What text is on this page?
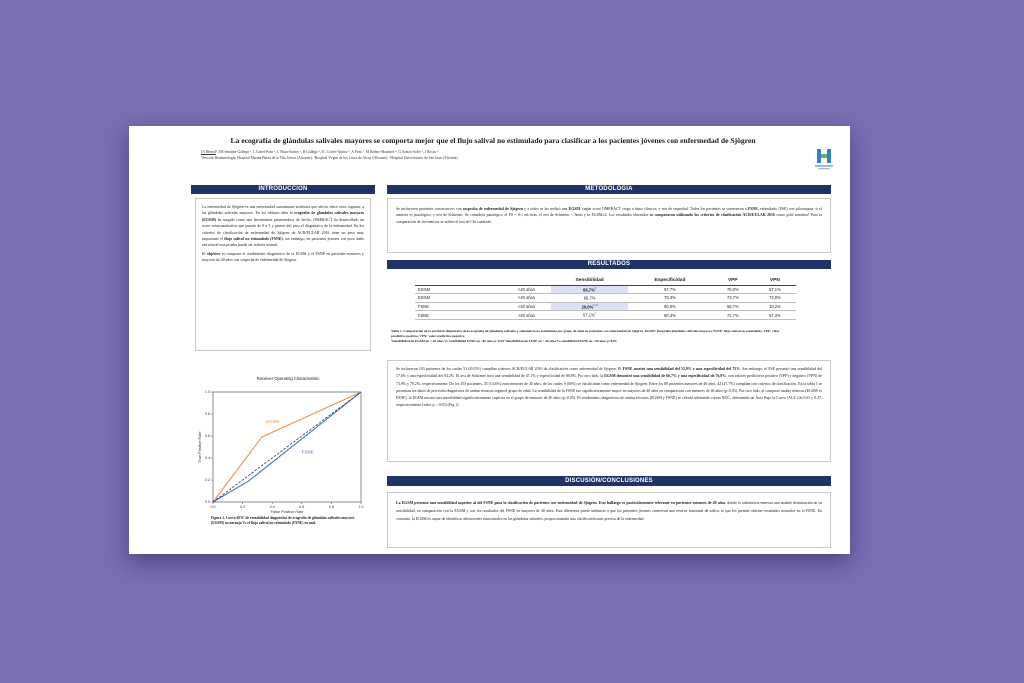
La ecografía de glándulas salivales mayores se comporta mejor que el flujo salival no estimulado para clasificar a los pacientes jóvenes con enfermedad de Sjögren
JA Hernal¹, JM Senabre-Gallego ¹, L Canet-Pons ¹, C Raya-Santos ¹, R Gallego ¹, JC Cortés-Quiroz ², A Pons ³, M Ibáñez-Martínez ⁴, G Santos-Soler ¹, J Rosas ¹
¹Sección Reumatología, Hospital Marina Baixa de la Vila Joiosa (Alicante). ²Hospital Virgen de los Lirios de Alcoy (Alicante). ³Hospital Universitario de San Juan (Alicante)
INTRODUCCIÓN

La enfermedad de Sjögren es una enfermedad autoinmune sistémica que afecta, entre otros órganos, a las glándulas salivales mayores. En los últimos años la ecografía de glándulas salivales mayores (EGSM) ha surgido como una herramienta prometedora, de hecho, OMERACT ha desarrollado un score semicuantitativo que puntúa de 0 a 3 y parece útil para el diagnóstico de la enfermedad. En los criterios de clasificación de enfermedad de Sjögren de ACR/EULAR 2016 tiene un peso muy importante el flujo salival no estimulado (FSNE), sin embargo, en pacientes jóvenes con poco daño estructural esta prueba puede ser todavía normal.

El objetivo es comparar el rendimiento diagnóstico de la EGSM y el FSNE en pacientes menores y mayores de 40 años con sospecha de enfermedad de Sjögren.

Receiver Operating Characteristic
0.0	0.2	0.4	0.6	0.8	1.0
0.0
0.2
0.4
0.6
0.8
1.0
False Positive Rate
True Positive Rate
EGSM
FSNE
Figura 1. Curva ROC de rentabilidad diagnóstica de ecografía de glándulas salivales mayores (EGSM) en naranja Vs el flujo salival no estimulado (FSNE) en azul.
METODOLOGÍA

Se incluyeron pacientes consecutivos con sospecha de enfermedad de Sjögren y a todos se les realizó una EGSM, según score OMERACT ciego a datos clínicos, y test de sequedad. Todos los pacientes se sometieron a FSNE, estimulado (FSE) con pilocarpina, si el anterior es patológico, y test de Schirmer. Se consideró patológico el FS < 0,1 ml./min, el test de Schirmer < 5mm y la EGSM≥2. Los resultados obtenidos se compararon utilizando los criterios de clasificación ACR/EULAR 2016 como gold standard. Para la comparación de frecuencias se utilizó el test de Chi cuadrado.

RESULTADOS
		Sensibilidad	Especificidad	VPP	VPN
EGSM	<40 años	66,7%$^1$	67,7%	75,0%	57,1%
EGSM	>40 años	66,7%	78,3%	73,7%	72,0%
FSNE	<40 años	20,0%$^{1, 2}$	80,0%	66,7%	33,2%
FSNE	>40 años	57,1%$^2$	80,4%	72,7%	67,3%
Tabla 1. Comparación de la precisión diagnóstica de la ecografía de glándulas salivales y sialometría no estimulada por grupo de edad en pacientes con enfermedad de Sjögren. EGSM: Ecografía glándulas salivales mayores, FSNE: flujo salival no estimulado, VPP: valor predictivo positivo, VPN: valor predictivo negativo
¹Sensibilidad de EGSM en < 40 años Vs sensibilidad FSNE en <40 años p<0,05 ²Sensibilidad de FSNE en < 40 años Vs sensibilidad FSNE en >40 años p<0,05

Se incluyeron 103 pacientes de los cuales 51 (49,5%) cumplían criterios ACR/EULAR 2016 de clasificación como enfermedad de Sjögren. El FSNE mostró una sensibilidad del 52,9% y una especificidad del 75%. Sin embargo, el FSE presentó una sensibilidad del 17,6% y una especificidad del 94,2%. El test de Schirmer tuvo una sensibilidad de 47,1% y especificidad de 80,8%. Por otro lado, la EGSM demostró una sensibilidad de 66,7% y una especificidad de 76,9%, con valores predictivos positivo (VPP) y negativo (VPN) de 73,9% y 70,2%, respectivamente. De los 103 pacientes, 35 (14,6%) eran menores de 40 años, de los cuales 9 (60%) se clasificaban como enfermedad de Sjögren. Entre los 88 pacientes mayores de 40 años, 42 (47,7%) cumplían con criterios de clasificación. En la tabla 1 se presentan los datos de precisión diagnóstica de ambas técnicas según el grupo de edad. La sensibilidad de la FSNE fue significativamente mayor en mayores de 40 años en comparación con menores de 40 años (p<0,05). Por otro lado, al comparar ambas técnicas (EGSM vs FSNF), la EGSM mostró una sensibilidad significativamente superior en el grupo de menores de 40 años (p<0,05). El rendimiento diagnóstico de ambas técnicas (EGSM y FSNE) se calculó utilizando curvas ROC, obteniendo un Área Bajo la Curva (AUC) de 0.63 y 0.47, respectivamente (valor p < 0.05) (Fig.1).

DISCUSIÓN/CONCLUSIONES

La EGSM presenta una sensibilidad superior al del FSNE para la clasificación de pacientes con enfermedad de Sjögren. Este hallazgo es particularmente relevante en pacientes menores de 40 años, donde la sialometría muestra una notable disminución en su sensibilidad, en comparación con la EGSM y con los resultados del FSNE en mayores de 40 años. Esta diferencia puede atribuirse a que los pacientes jóvenes conservan una reserva funcional de saliva, lo que les permite obtener resultados normales en el FSNE. En contraste, la EGSM es capaz de identificar alteraciones estructurales en las glándulas salivales, proporcionando una clasificación más precisa de la enfermedad.
